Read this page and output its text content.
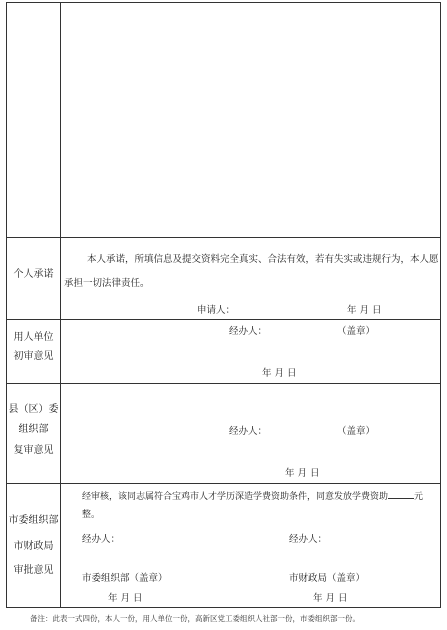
个人承诺
本人承诺，所填信息及提交资料完全真实、合法有效，若有失实或违规行为，本人愿
承担一切法律责任。
申请人：	年 月 日
用人单位
初审意见
经办人：	（盖章）
年 月 日
县（区）委
组织部
复审意见
经办人：	（盖章）
年 月 日
市委组织部
市财政局
审批意见
经审核，该同志属符合宝鸡市人才学历深造学费资助条件，同意发放学费资助	元
整。
经办人：	经办人：
市委组织部（盖章）	市财政局（盖章）
年 月 日	年 月 日
备注：此表一式四份，本人一份，用人单位一份，高新区党工委组织人社部一份，市委组织部一份。
